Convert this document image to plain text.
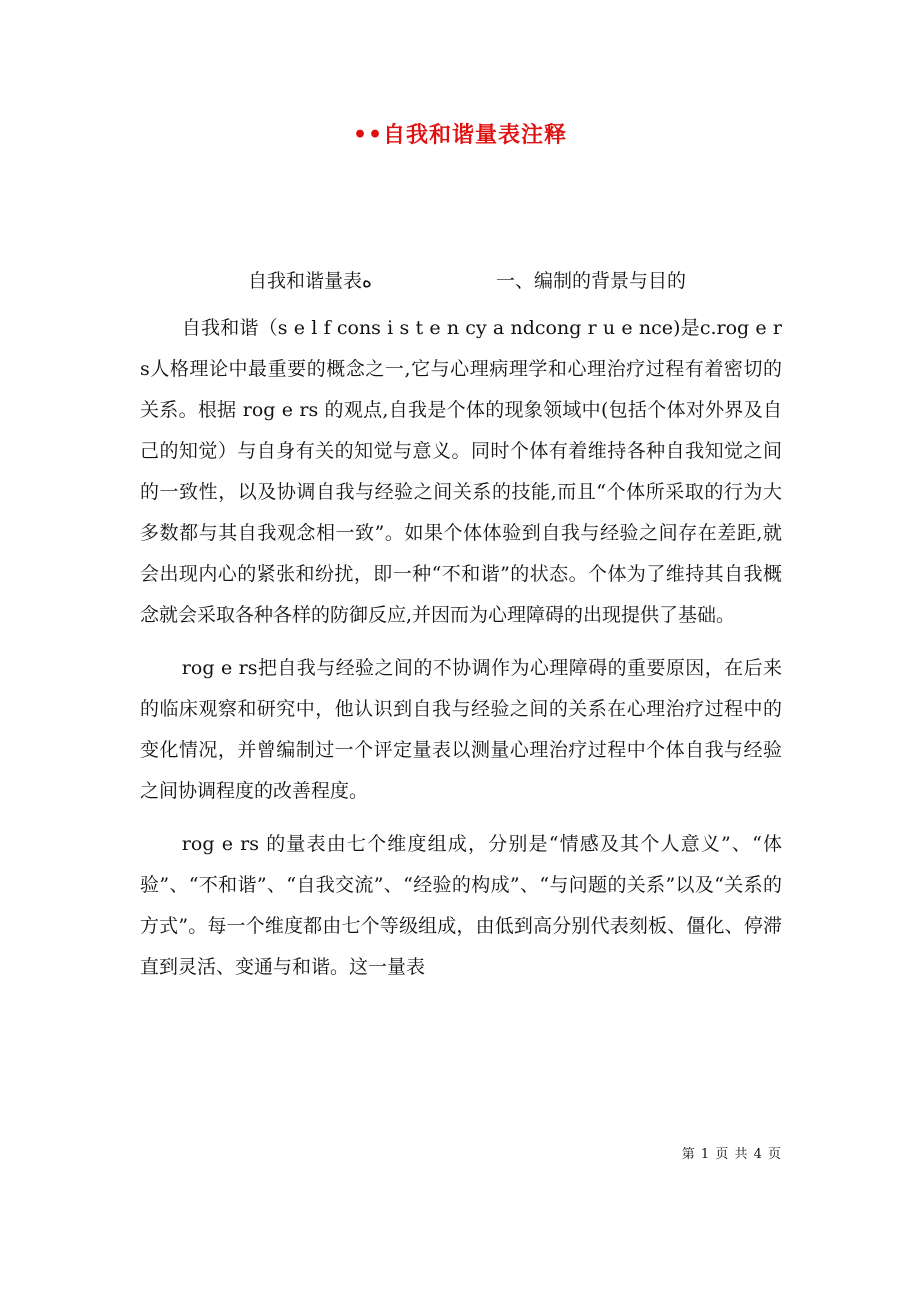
••自我和谐量表注释
自我和谐量表ﻩ	一、编制的背景与目的

自我和谐（s e l f cons i s t e n cy a ndcong r u e nce)是c.rog e r s人格理论中最重要的概念之一,它与心理病理学和心理治疗过程有着密切的关系。根据 rog e rs 的观点,自我是个体的现象领域中(包括个体对外界及自己的知觉）与自身有关的知觉与意义。同时个体有着维持各种自我知觉之间的一致性，以及协调自我与经验之间关系的技能,而且“个体所采取的行为大多数都与其自我观念相一致”。如果个体体验到自我与经验之间存在差距,就会出现内心的紧张和纷扰，即一种“不和谐”的状态。个体为了维持其自我概念就会采取各种各样的防御反应,并因而为心理障碍的出现提供了基础。

rog e rs把自我与经验之间的不协调作为心理障碍的重要原因，在后来的临床观察和研究中，他认识到自我与经验之间的关系在心理治疗过程中的变化情况，并曾编制过一个评定量表以测量心理治疗过程中个体自我与经验之间协调程度的改善程度。

rog e rs 的量表由七个维度组成，分别是“情感及其个人意义”、“体验”、“不和谐”、“自我交流”、“经验的构成”、“与问题的关系”以及“关系的方式”。每一个维度都由七个等级组成，由低到高分别代表刻板、僵化、停滞直到灵活、变通与和谐。这一量表

第 1 页 共 4 页
